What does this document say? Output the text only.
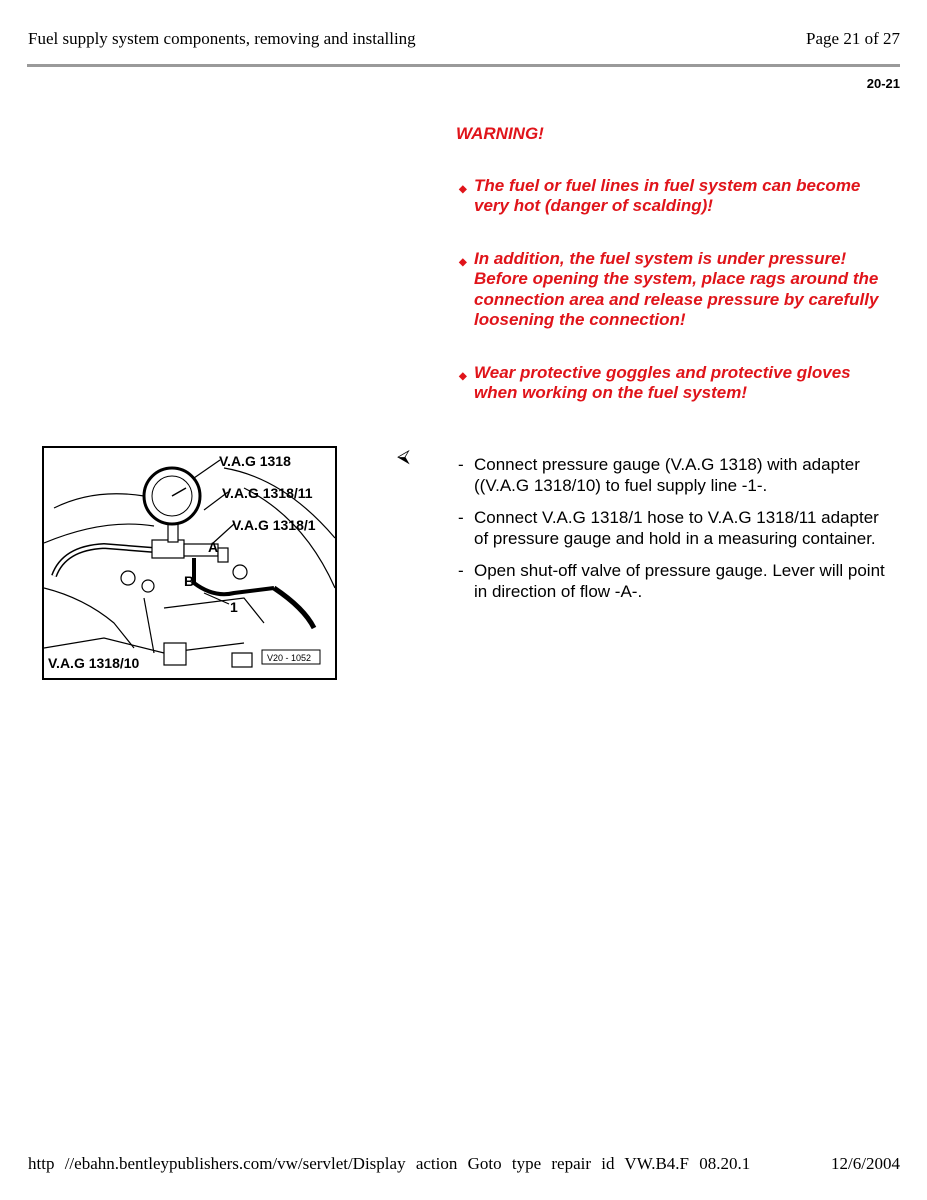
Fuel supply system components, removing and installing	Page 21 of 27
20-21
WARNING!
◆ The fuel or fuel lines in fuel system can become very hot (danger of scalding)!
◆ In addition, the fuel system is under pressure! Before opening the system, place rags around the connection area and release pressure by carefully loosening the connection!
◆ Wear protective goggles and protective gloves when working on the fuel system!
V.A.G 1318
V.A.G 1318/11
V.A.G 1318/1
V.A.G 1318/10
A
B
1
V20 - 1052
⮘	- Connect pressure gauge (V.A.G 1318) with adapter ((V.A.G 1318/10) to fuel supply line -1-.
- Connect V.A.G 1318/1 hose to V.A.G 1318/11 adapter of pressure gauge and hold in a measuring container.
- Open shut-off valve of pressure gauge. Lever will point in direction of flow -A-.
http //ebahn.bentleypublishers.com/vw/servlet/Display action Goto type repair id VW.B4.F 08.20.1	12/6/2004
